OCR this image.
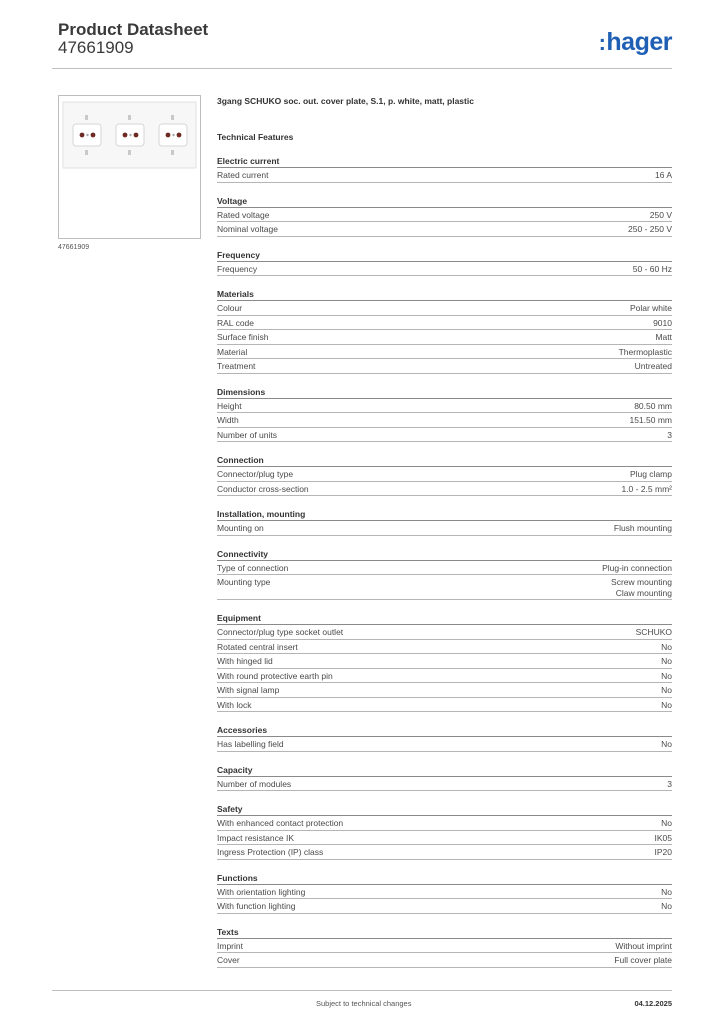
Product Datasheet
47661909	:hager
47661909
3gang SCHUKO soc. out. cover plate, S.1, p. white, matt, plastic
Technical Features
Electric current
Rated current	16 A
Voltage
Rated voltage	250 V
Nominal voltage	250 - 250 V
Frequency
Frequency	50 - 60 Hz
Materials
Colour	Polar white
RAL code	9010
Surface finish	Matt
Material	Thermoplastic
Treatment	Untreated
Dimensions
Height	80.50 mm
Width	151.50 mm
Number of units	3
Connection
Connector/plug type	Plug clamp
Conductor cross-section	1.0 - 2.5 mm²
Installation, mounting
Mounting on	Flush mounting
Connectivity
Type of connection	Plug-in connection
Mounting type	Screw mounting
Claw mounting
Equipment
Connector/plug type socket outlet	SCHUKO
Rotated central insert	No
With hinged lid	No
With round protective earth pin	No
With signal lamp	No
With lock	No
Accessories
Has labelling field	No
Capacity
Number of modules	3
Safety
With enhanced contact protection	No
Impact resistance IK	IK05
Ingress Protection (IP) class	IP20
Functions
With orientation lighting	No
With function lighting	No
Texts
Imprint	Without imprint
Cover	Full cover plate
Subject to technical changes	04.12.2025
